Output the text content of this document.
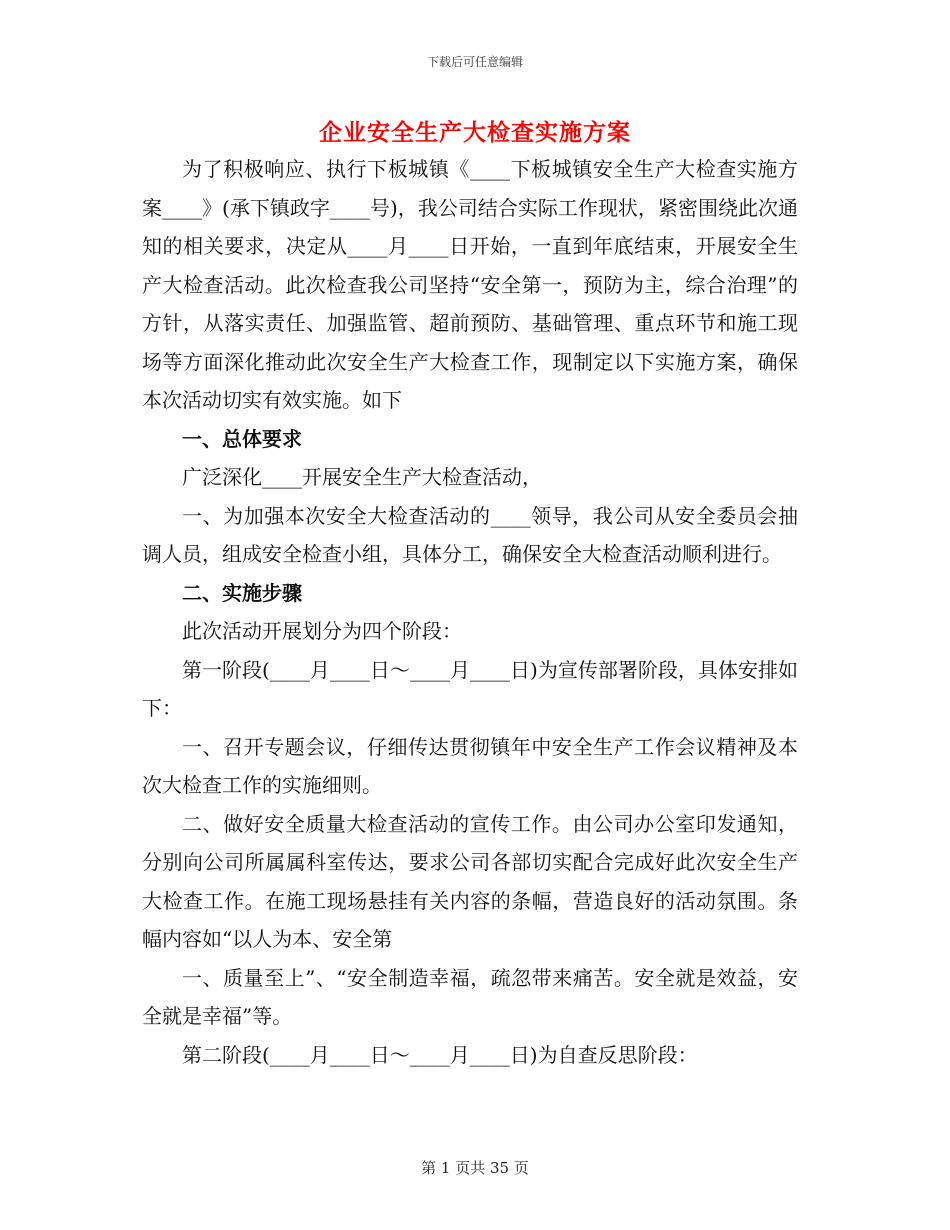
下载后可任意编辑
企业安全生产大检查实施方案

为了积极响应、执行下板城镇《____下板城镇安全生产大检查实施方案____》(承下镇政字____号)，我公司结合实际工作现状，紧密围绕此次通知的相关要求，决定从____月____日开始，一直到年底结束，开展安全生产大检查活动。此次检查我公司坚持“安全第一，预防为主，综合治理”的方针，从落实责任、加强监管、超前预防、基础管理、重点环节和施工现场等方面深化推动此次安全生产大检查工作，现制定以下实施方案，确保本次活动切实有效实施。如下

一、总体要求

广泛深化____开展安全生产大检查活动，

一、为加强本次安全大检查活动的____领导，我公司从安全委员会抽调人员，组成安全检查小组，具体分工，确保安全大检查活动顺利进行。

二、实施步骤

此次活动开展划分为四个阶段：

第一阶段(____月____日～____月____日)为宣传部署阶段，具体安排如下：

一、召开专题会议，仔细传达贯彻镇年中安全生产工作会议精神及本次大检查工作的实施细则。

二、做好安全质量大检查活动的宣传工作。由公司办公室印发通知，分别向公司所属属科室传达，要求公司各部切实配合完成好此次安全生产大检查工作。在施工现场悬挂有关内容的条幅，营造良好的活动氛围。条幅内容如“以人为本、安全第

一、质量至上”、“安全制造幸福，疏忽带来痛苦。安全就是效益，安全就是幸福”等。

第二阶段(____月____日～____月____日)为自查反思阶段：

第 1 页共 35 页
